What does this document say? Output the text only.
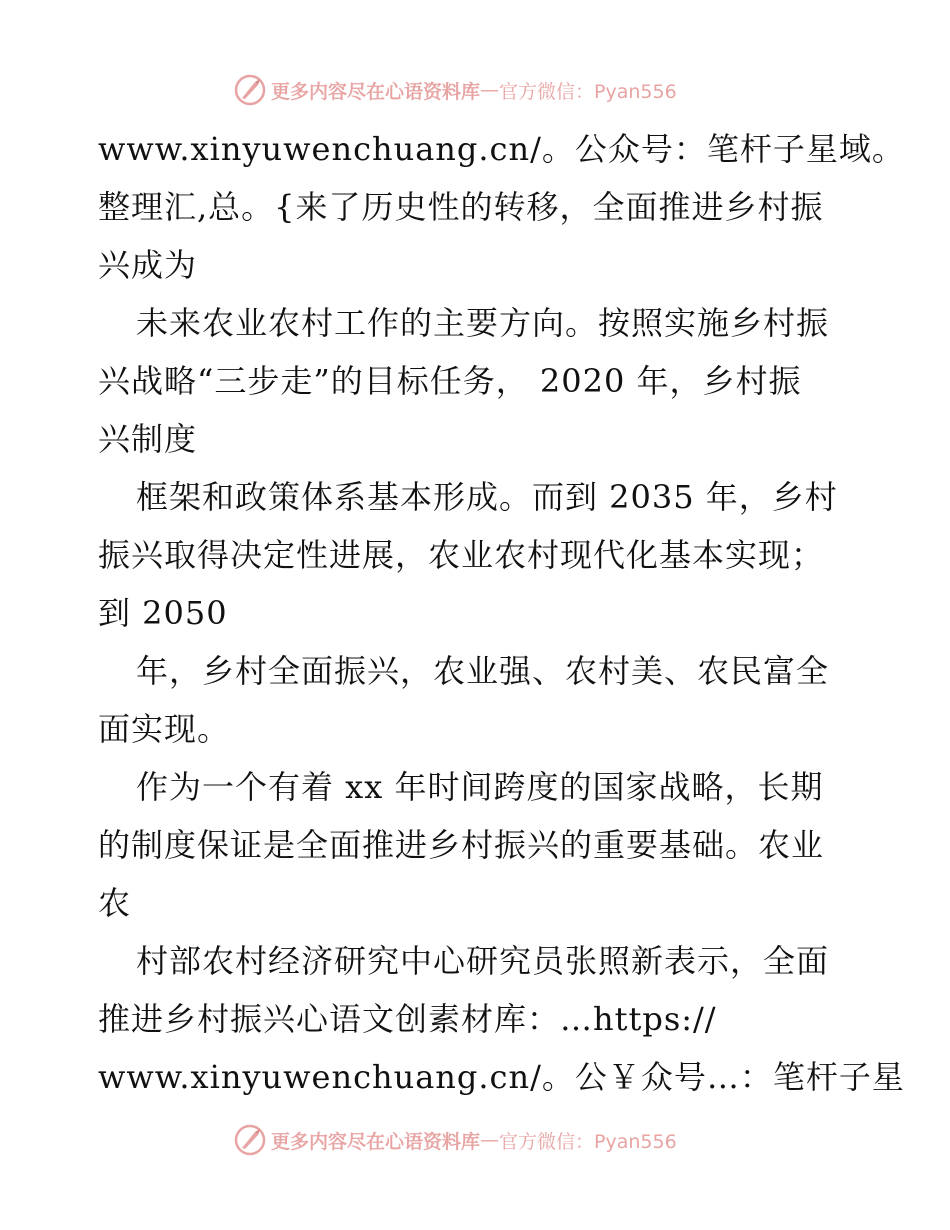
更多内容尽在心语资料库 — 官方微信：Pyan556
www.xinyuwenchuang.cn/。公众号：笔杆子星域。
整理汇,总。{来了历史性的转移，全面推进乡村振
兴成为
未来农业农村工作的主要方向。按照实施乡村振
兴战略“三步走”的目标任务， 2020 年，乡村振
兴制度
框架和政策体系基本形成。而到 2035 年，乡村
振兴取得决定性进展，农业农村现代化基本实现；
到 2050
年，乡村全面振兴，农业强、农村美、农民富全
面实现。
作为一个有着 xx 年时间跨度的国家战略，长期
的制度保证是全面推进乡村振兴的重要基础。农业
农
村部农村经济研究中心研究员张照新表示，全面
推进乡村振兴心语文创素材库：…https://
www.xinyuwenchuang.cn/。公￥众号…：笔杆子星
更多内容尽在心语资料库 — 官方微信：Pyan556
